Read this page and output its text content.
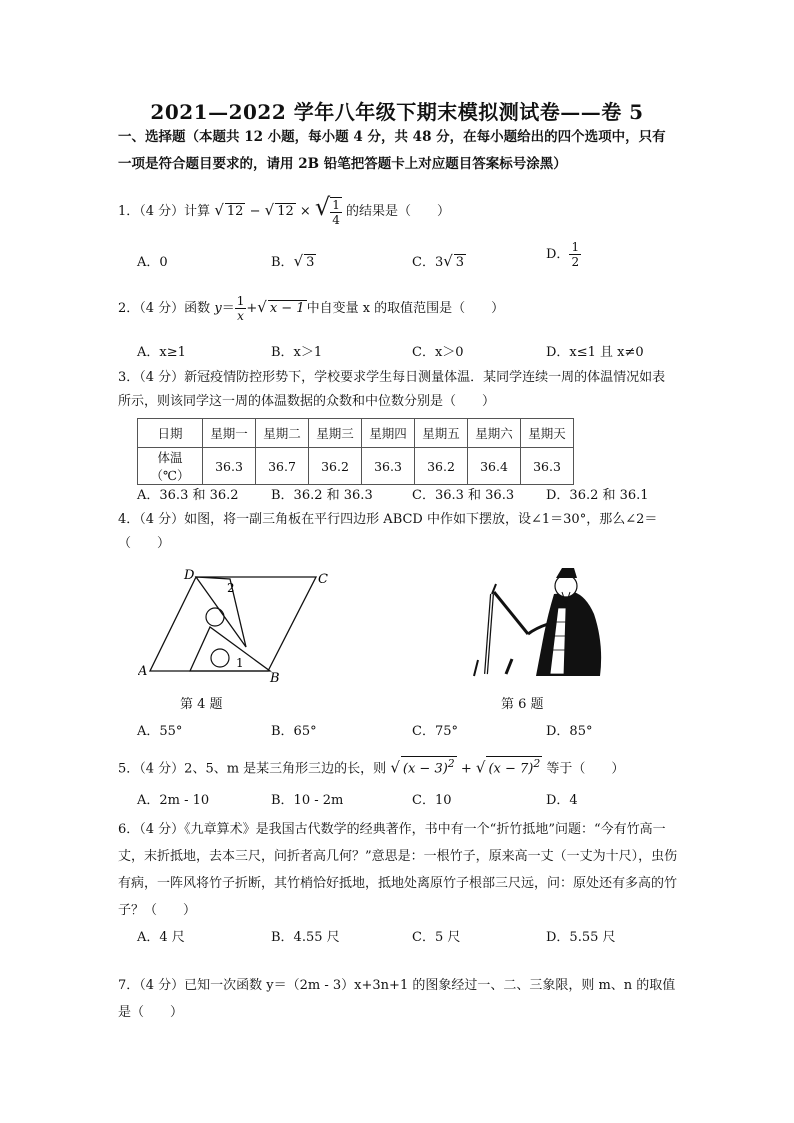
2021—2022 学年八年级下期末模拟测试卷——卷 5
一、选择题（本题共 12 小题，每小题 4 分，共 48 分，在每小题给出的四个选项中，只有一项是符合题目要求的，请用 2B 铅笔把答题卡上对应题目答案标号涂黑）
1．（4 分）计算 √ 12 − √ 12 × √ $\frac{1}{4}$ 的结果是（　　）
A．0	B．√ 3	C．3√ 3
D． $\frac{1}{2}$
2．（4 分）函数 $y= \frac{1}{x}$ +√ x − 1 中自变量 x 的取值范围是（　　）
A．x≥1	B．x＞1	C．x＞0	D．x≤1 且 x≠0
3．（4 分）新冠疫情防控形势下，学校要求学生每日测量体温．某同学连续一周的体温情况如表所示，则该同学这一周的体温数据的众数和中位数分别是（　　）
日期	星期一	星期二	星期三	星期四	星期五	星期六	星期天
体温（℃）	36.3	36.7	36.2	36.3	36.2	36.4	36.3
A．36.3 和 36.2 B．36.2 和 36.3	C．36.3 和 36.3 D．36.2 和 36.1
4．（4 分）如图，将一副三角板在平行四边形 ABCD 中作如下摆放，设∠1＝30°，那么∠2＝（　　）
A	B
C
D
1
2
第 4 题	第 6 题
A．55°	B．65°	C．75°	D．85°
5．（4 分）2、5、m 是某三角形三边的长，则 √ $(x - 3)^2$ + √ $(x - 7)^2$ 等于（　　）
A．2m - 10	B．10 - 2m	C．10	D．4
6．（4 分）《九章算术》是我国古代数学的经典著作，书中有一个“折竹抵地”问题：“今有竹高一丈，末折抵地，去本三尺，问折者高几何？”意思是：一根竹子，原来高一丈（一丈为十尺），虫伤有病，一阵风将竹子折断，其竹梢恰好抵地，抵地处离原竹子根部三尺远，问：原处还有多高的竹子？（　　）
A．4 尺	B．4.55 尺	C．5 尺	D．5.55 尺
7．（4 分）已知一次函数 y＝（2m - 3）x+3n+1 的图象经过一、二、三象限，则 m、n 的取值是（　　）
